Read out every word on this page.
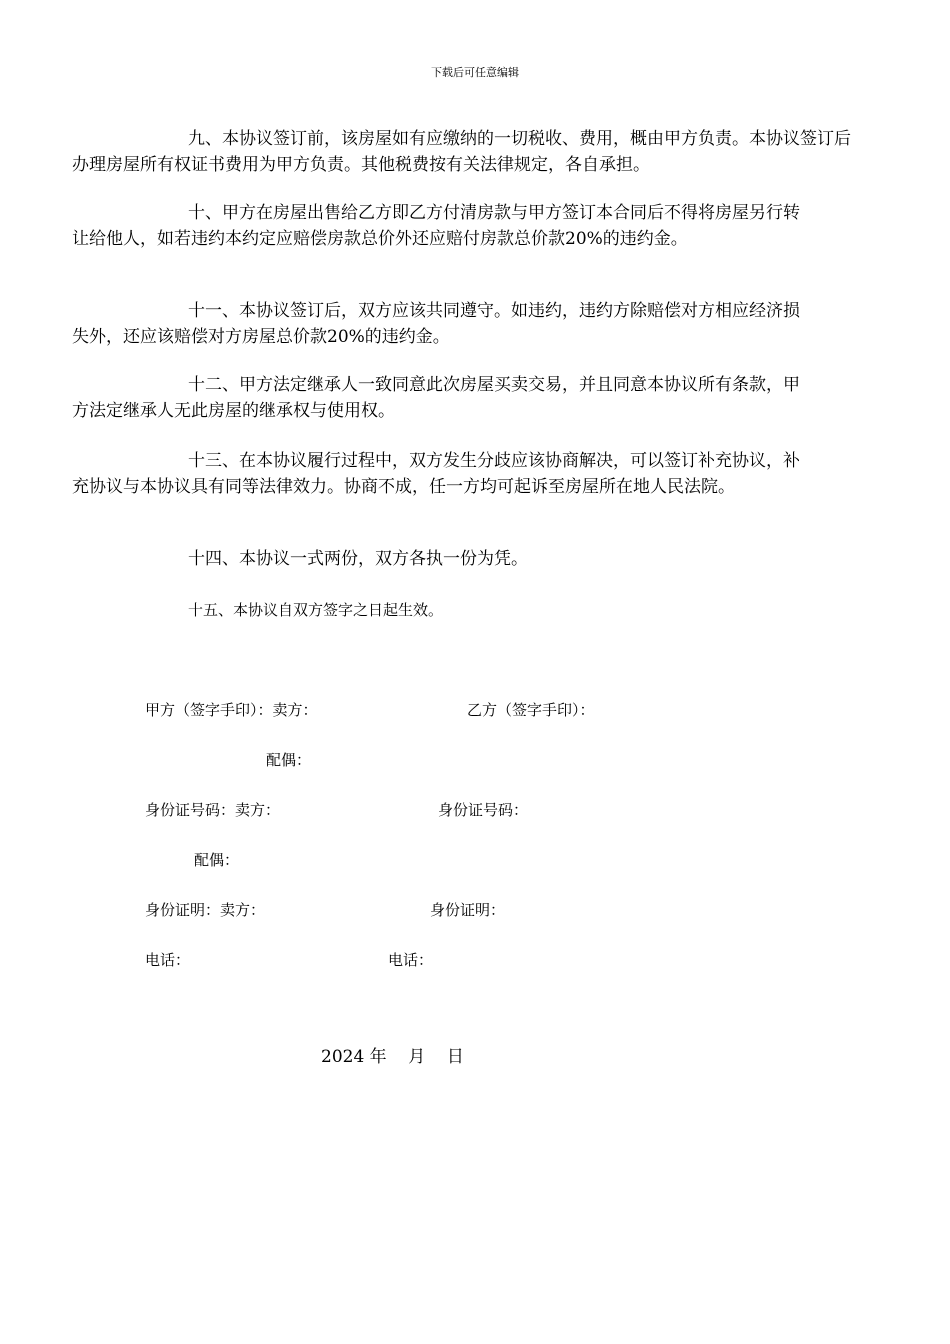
下载后可任意编辑

九、本协议签订前，该房屋如有应缴纳的一切税收、费用，概由甲方负责。本协议签订后办理房屋所有权证书费用为甲方负责。其他税费按有关法律规定，各自承担。

十、甲方在房屋出售给乙方即乙方付清房款与甲方签订本合同后不得将房屋另行转让给他人，如若违约本约定应赔偿房款总价外还应赔付房款总价款20%的违约金。

十一、本协议签订后，双方应该共同遵守。如违约，违约方除赔偿对方相应经济损失外，还应该赔偿对方房屋总价款20%的违约金。

十二、甲方法定继承人一致同意此次房屋买卖交易，并且同意本协议所有条款，甲方法定继承人无此房屋的继承权与使用权。

十三、在本协议履行过程中，双方发生分歧应该协商解决，可以签订补充协议，补充协议与本协议具有同等法律效力。协商不成，任一方均可起诉至房屋所在地人民法院。

十四、本协议一式两份，双方各执一份为凭。

十五、本协议自双方签字之日起生效。

甲方（签字手印）：卖方：	乙方（签字手印）：
配偶：
身份证号码：卖方：	身份证号码：
配偶：
身份证明：卖方：	身份证明：
电话：	电话：
2024 年    月    日
